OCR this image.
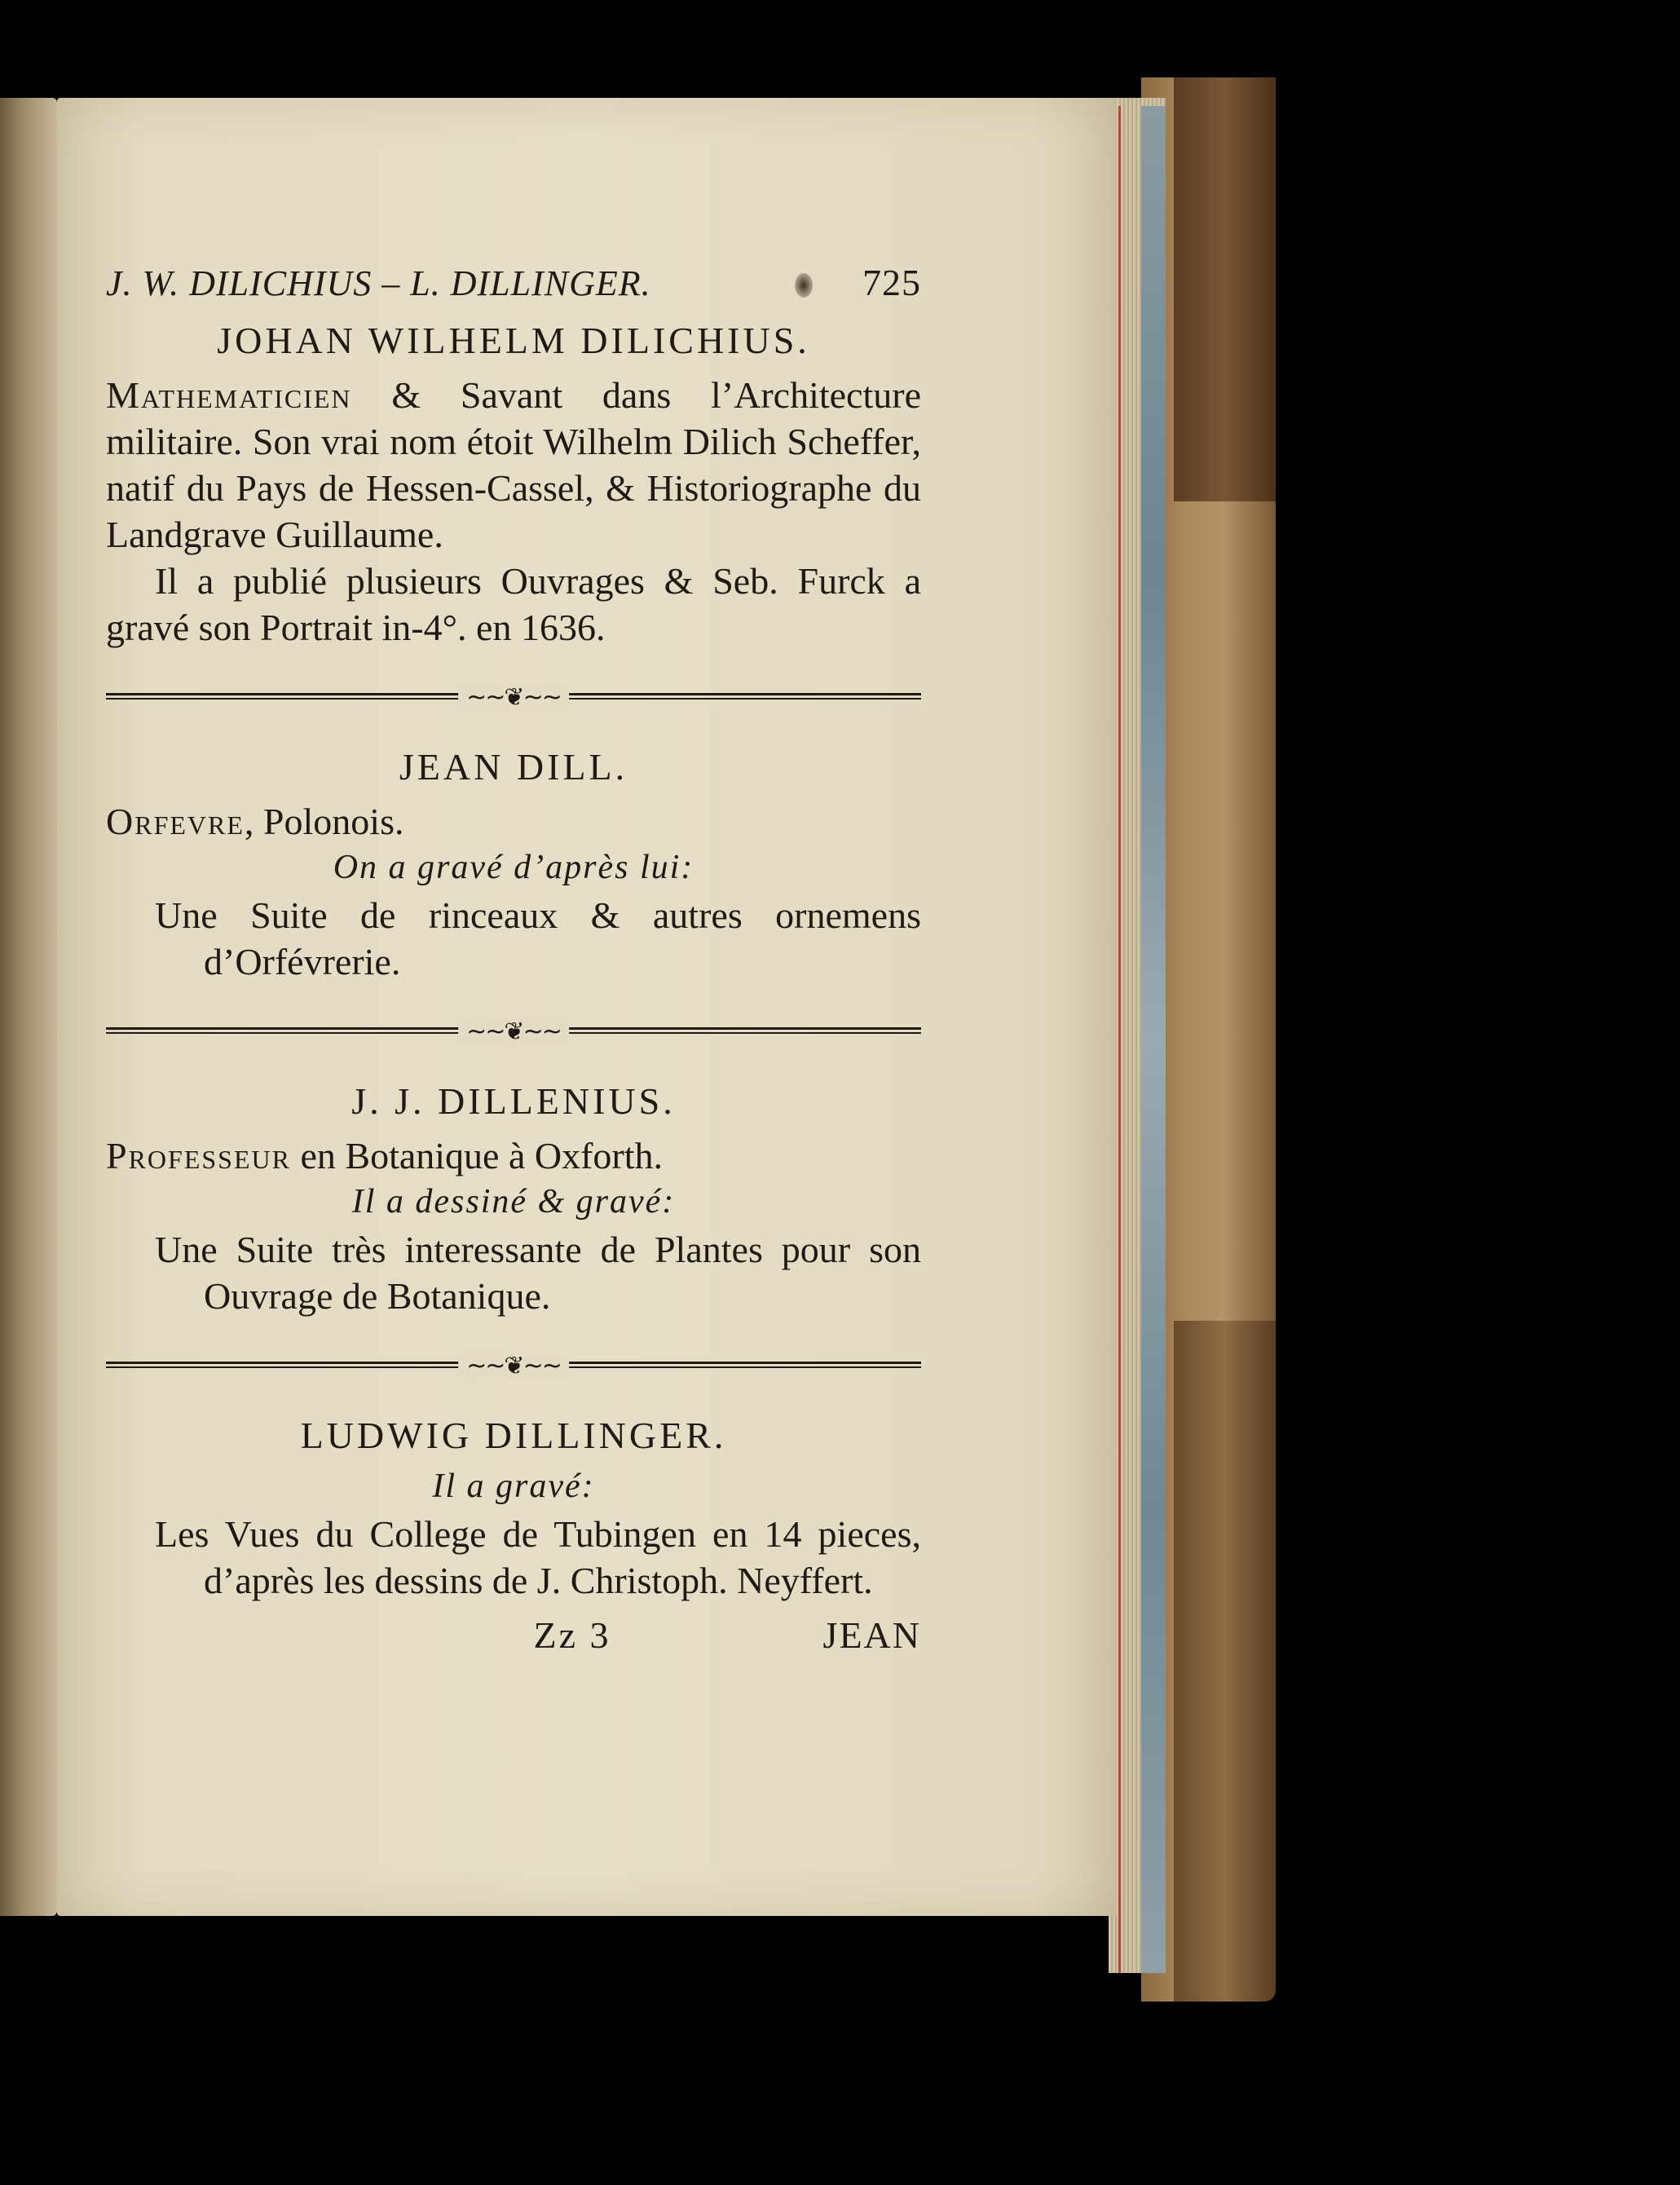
J. W. DILICHIUS – L. DILLINGER.	725
JOHAN WILHELM DILICHIUS.
Mathematicien & Savant dans l’Architecture militaire. Son vrai nom étoit Wilhelm Dilich Scheffer, natif du Pays de Hessen-Cassel, & Historiographe du Landgrave Guillaume.
Il a publié plusieurs Ouvrages & Seb. Furck a gravé son Portrait in-4°. en 1636.
~~❦~~
JEAN DILL.
Orfevre, Polonois.
On a gravé d’après lui:
Une Suite de rinceaux & autres ornemens d’Orfévrerie.
~~❦~~
J. J. DILLENIUS.
Professeur en Botanique à Oxforth.
Il a dessiné & gravé:
Une Suite très interessante de Plantes pour son Ouvrage de Botanique.
~~❦~~
LUDWIG DILLINGER.
Il a gravé:
Les Vues du College de Tubingen en 14 pieces, d’après les dessins de J. Christoph. Neyffert.
Zz 3	JEAN
